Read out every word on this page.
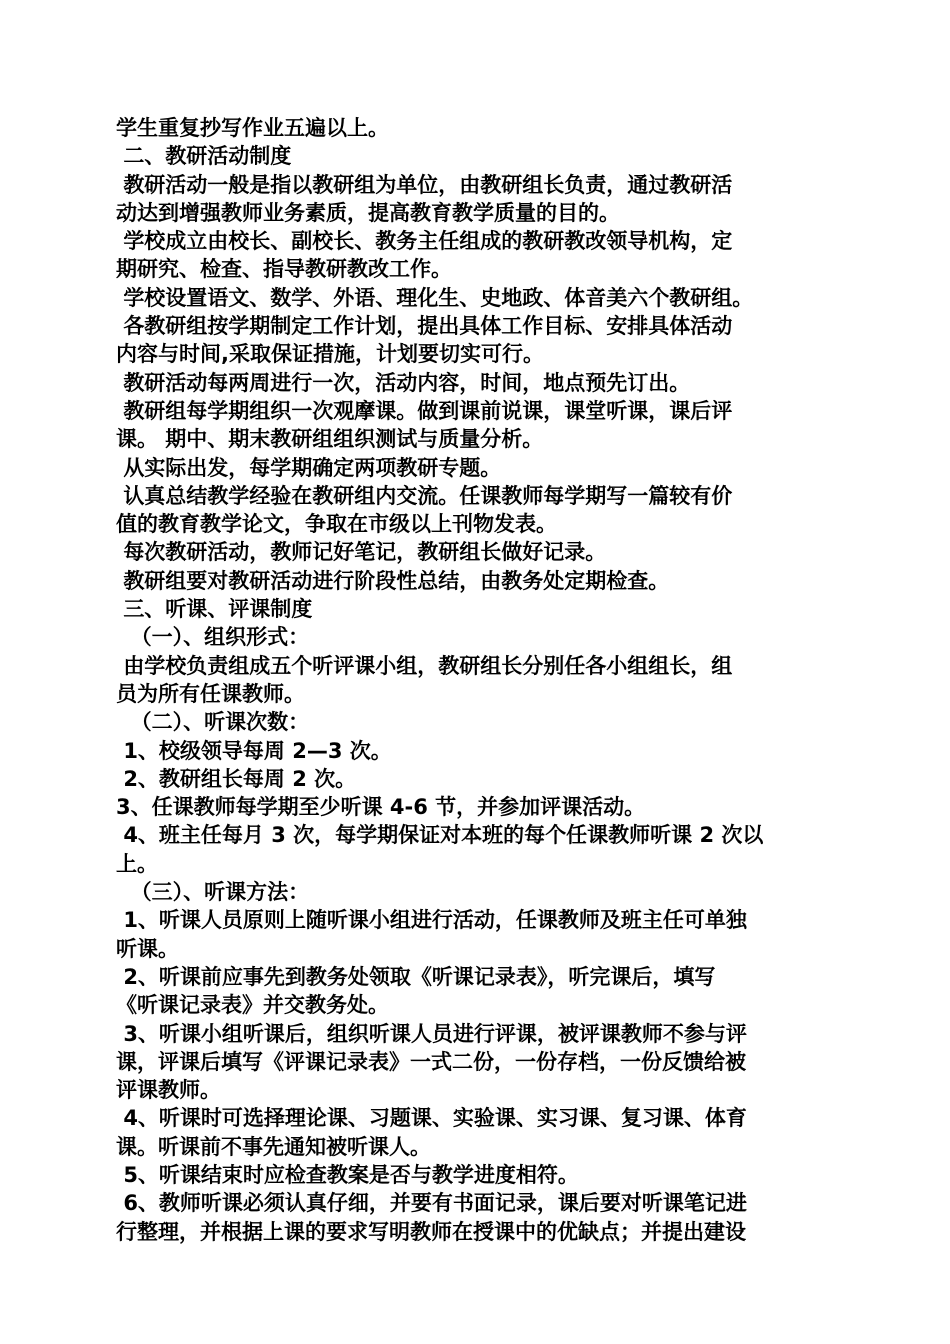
学生重复抄写作业五遍以上。

二、教研活动制度

教研活动一般是指以教研组为单位，由教研组长负责，通过教研活

动达到增强教师业务素质，提高教育教学质量的目的。

学校成立由校长、副校长、教务主任组成的教研教改领导机构，定

期研究、检查、指导教研教改工作。

学校设置语文、数学、外语、理化生、史地政、体音美六个教研组。

各教研组按学期制定工作计划，提出具体工作目标、安排具体活动

内容与时间,采取保证措施，计划要切实可行。

教研活动每两周进行一次，活动内容，时间，地点预先订出。

教研组每学期组织一次观摩课。做到课前说课，课堂听课，课后评

课。 期中、期末教研组组织测试与质量分析。

从实际出发，每学期确定两项教研专题。

认真总结教学经验在教研组内交流。任课教师每学期写一篇较有价

值的教育教学论文，争取在市级以上刊物发表。

每次教研活动，教师记好笔记，教研组长做好记录。

教研组要对教研活动进行阶段性总结，由教务处定期检查。

三、听课、评课制度

（一）、组织形式：

由学校负责组成五个听评课小组，教研组长分别任各小组组长，组

员为所有任课教师。

（二）、听课次数：

1、校级领导每周 2—3 次。

2、教研组长每周 2 次。

3、任课教师每学期至少听课 4-6 节，并参加评课活动。

4、班主任每月 3 次，每学期保证对本班的每个任课教师听课 2 次以

上。

（三）、听课方法：

1、听课人员原则上随听课小组进行活动，任课教师及班主任可单独

听课。

2、听课前应事先到教务处领取《听课记录表》，听完课后，填写

《听课记录表》并交教务处。

3、听课小组听课后，组织听课人员进行评课，被评课教师不参与评

课，评课后填写《评课记录表》一式二份，一份存档，一份反馈给被

评课教师。

4、听课时可选择理论课、习题课、实验课、实习课、复习课、体育

课。听课前不事先通知被听课人。

5、听课结束时应检查教案是否与教学进度相符。

6、教师听课必须认真仔细，并要有书面记录，课后要对听课笔记进

行整理，并根据上课的要求写明教师在授课中的优缺点；并提出建设
